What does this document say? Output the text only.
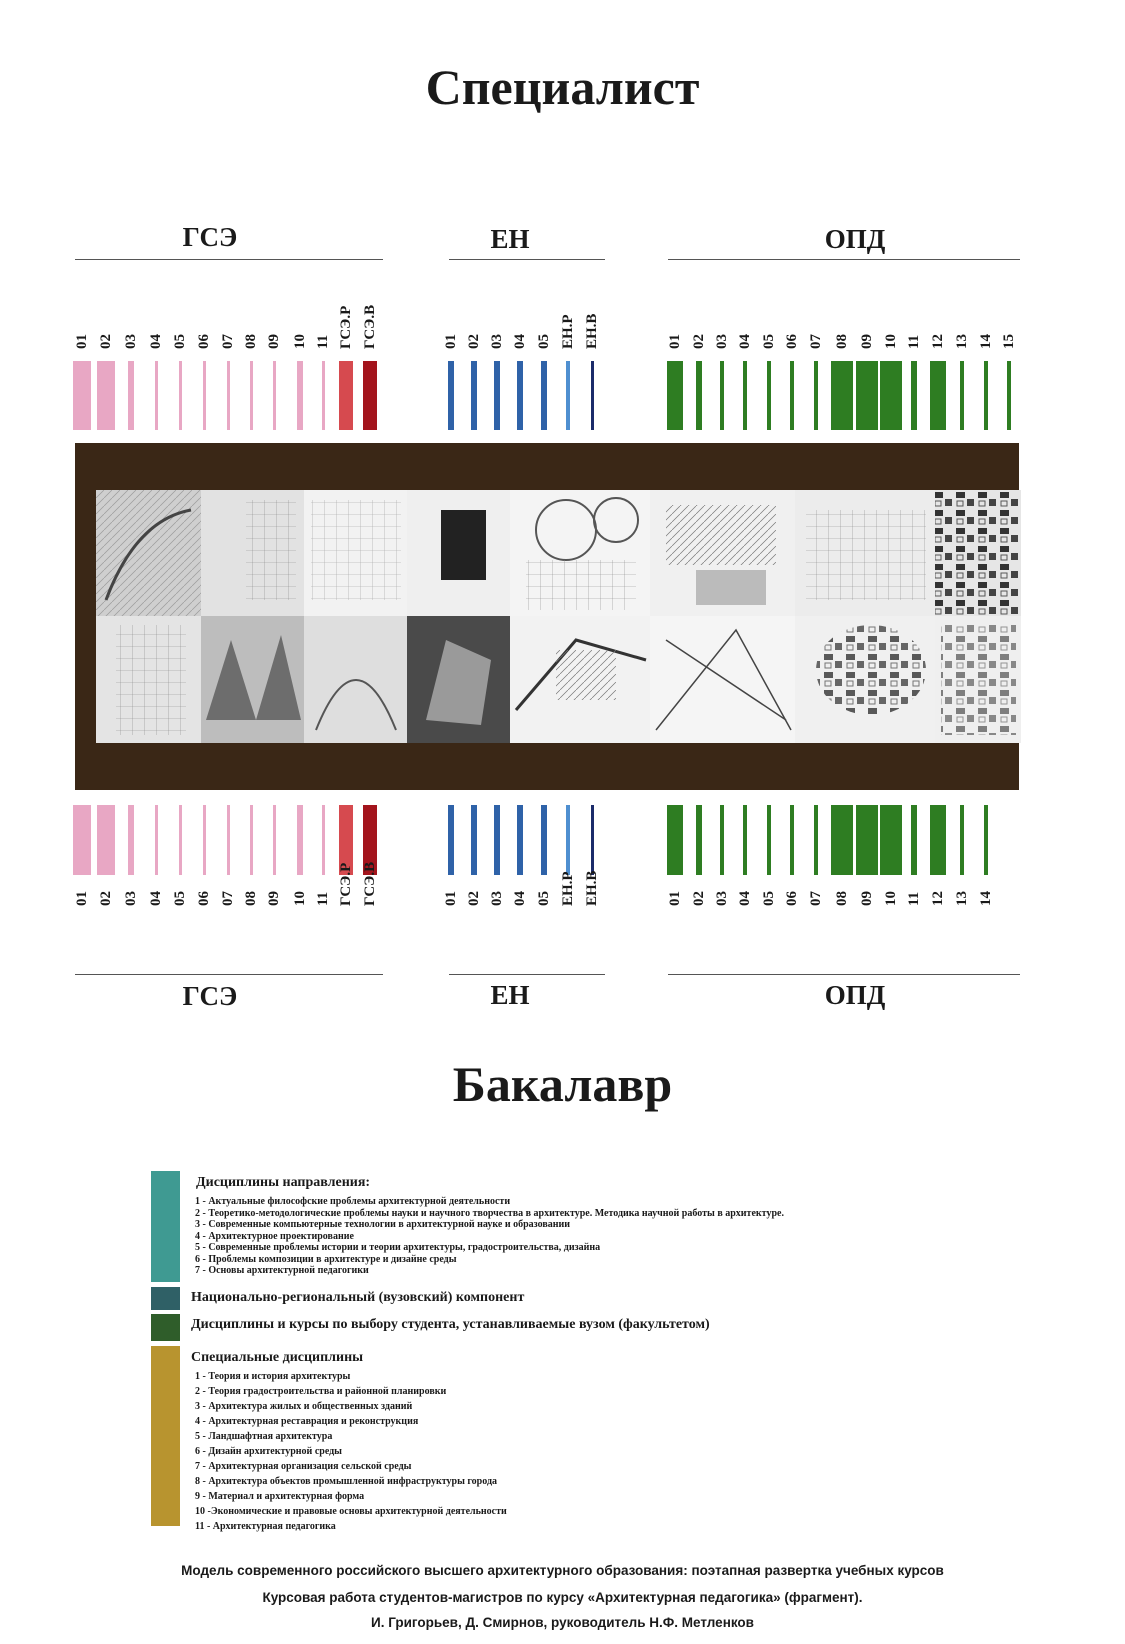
Специалист
Бакалавр
ГСЭ	ЕН	ОПД
ГСЭ	ЕН	ОПД
01 02 03 04 05 06 07 08 09 10 11 ГСЭ.Р ГСЭ.В	01 02 03 04 05 ЕН.Р ЕН.В	01 02 03 04 05 06 07 08 09 10 11 12 13 14 15
01 02 03 04 05 06 07 08 09 10 11 ГСЭ.Р ГСЭ.В	01 02 03 04 05 ЕН.Р ЕН.В	01 02 03 04 05 06 07 08 09 10 11 12 13 14
Дисциплины направления:
1 - Актуальные философские проблемы архитектурной деятельности
2 - Теоретико-методологические проблемы науки и научного творчества в архитектуре. Методика научной работы в архитектуре.
3 - Современные компьютерные технологии в архитектурной науке и образовании
4 - Архитектурное проектирование
5 - Современные проблемы истории и теории архитектуры, градостроительства, дизайна
6 - Проблемы композиции в архитектуре и дизайне среды
7 - Основы архитектурной педагогики
Национально-региональный (вузовский) компонент
Дисциплины и курсы по выбору студента, устанавливаемые вузом (факультетом)
Специальные дисциплины
1 - Теория и история архитектуры
2 - Теория градостроительства и районной планировки
3 - Архитектура жилых и общественных зданий
4 - Архитектурная реставрация и реконструкция
5 - Ландшафтная архитектура
6 - Дизайн архитектурной среды
7 - Архитектурная организация сельской среды
8 - Архитектура объектов промышленной инфраструктуры города
9 - Материал и архитектурная форма
10 -Экономические и правовые основы архитектурной деятельности
11 - Архитектурная педагогика
Модель современного российского высшего архитектурного образования: поэтапная развертка учебных курсов
Курсовая работа студентов-магистров по курсу «Архитектурная педагогика» (фрагмент).
И. Григорьев, Д. Смирнов, руководитель Н.Ф. Метленков
